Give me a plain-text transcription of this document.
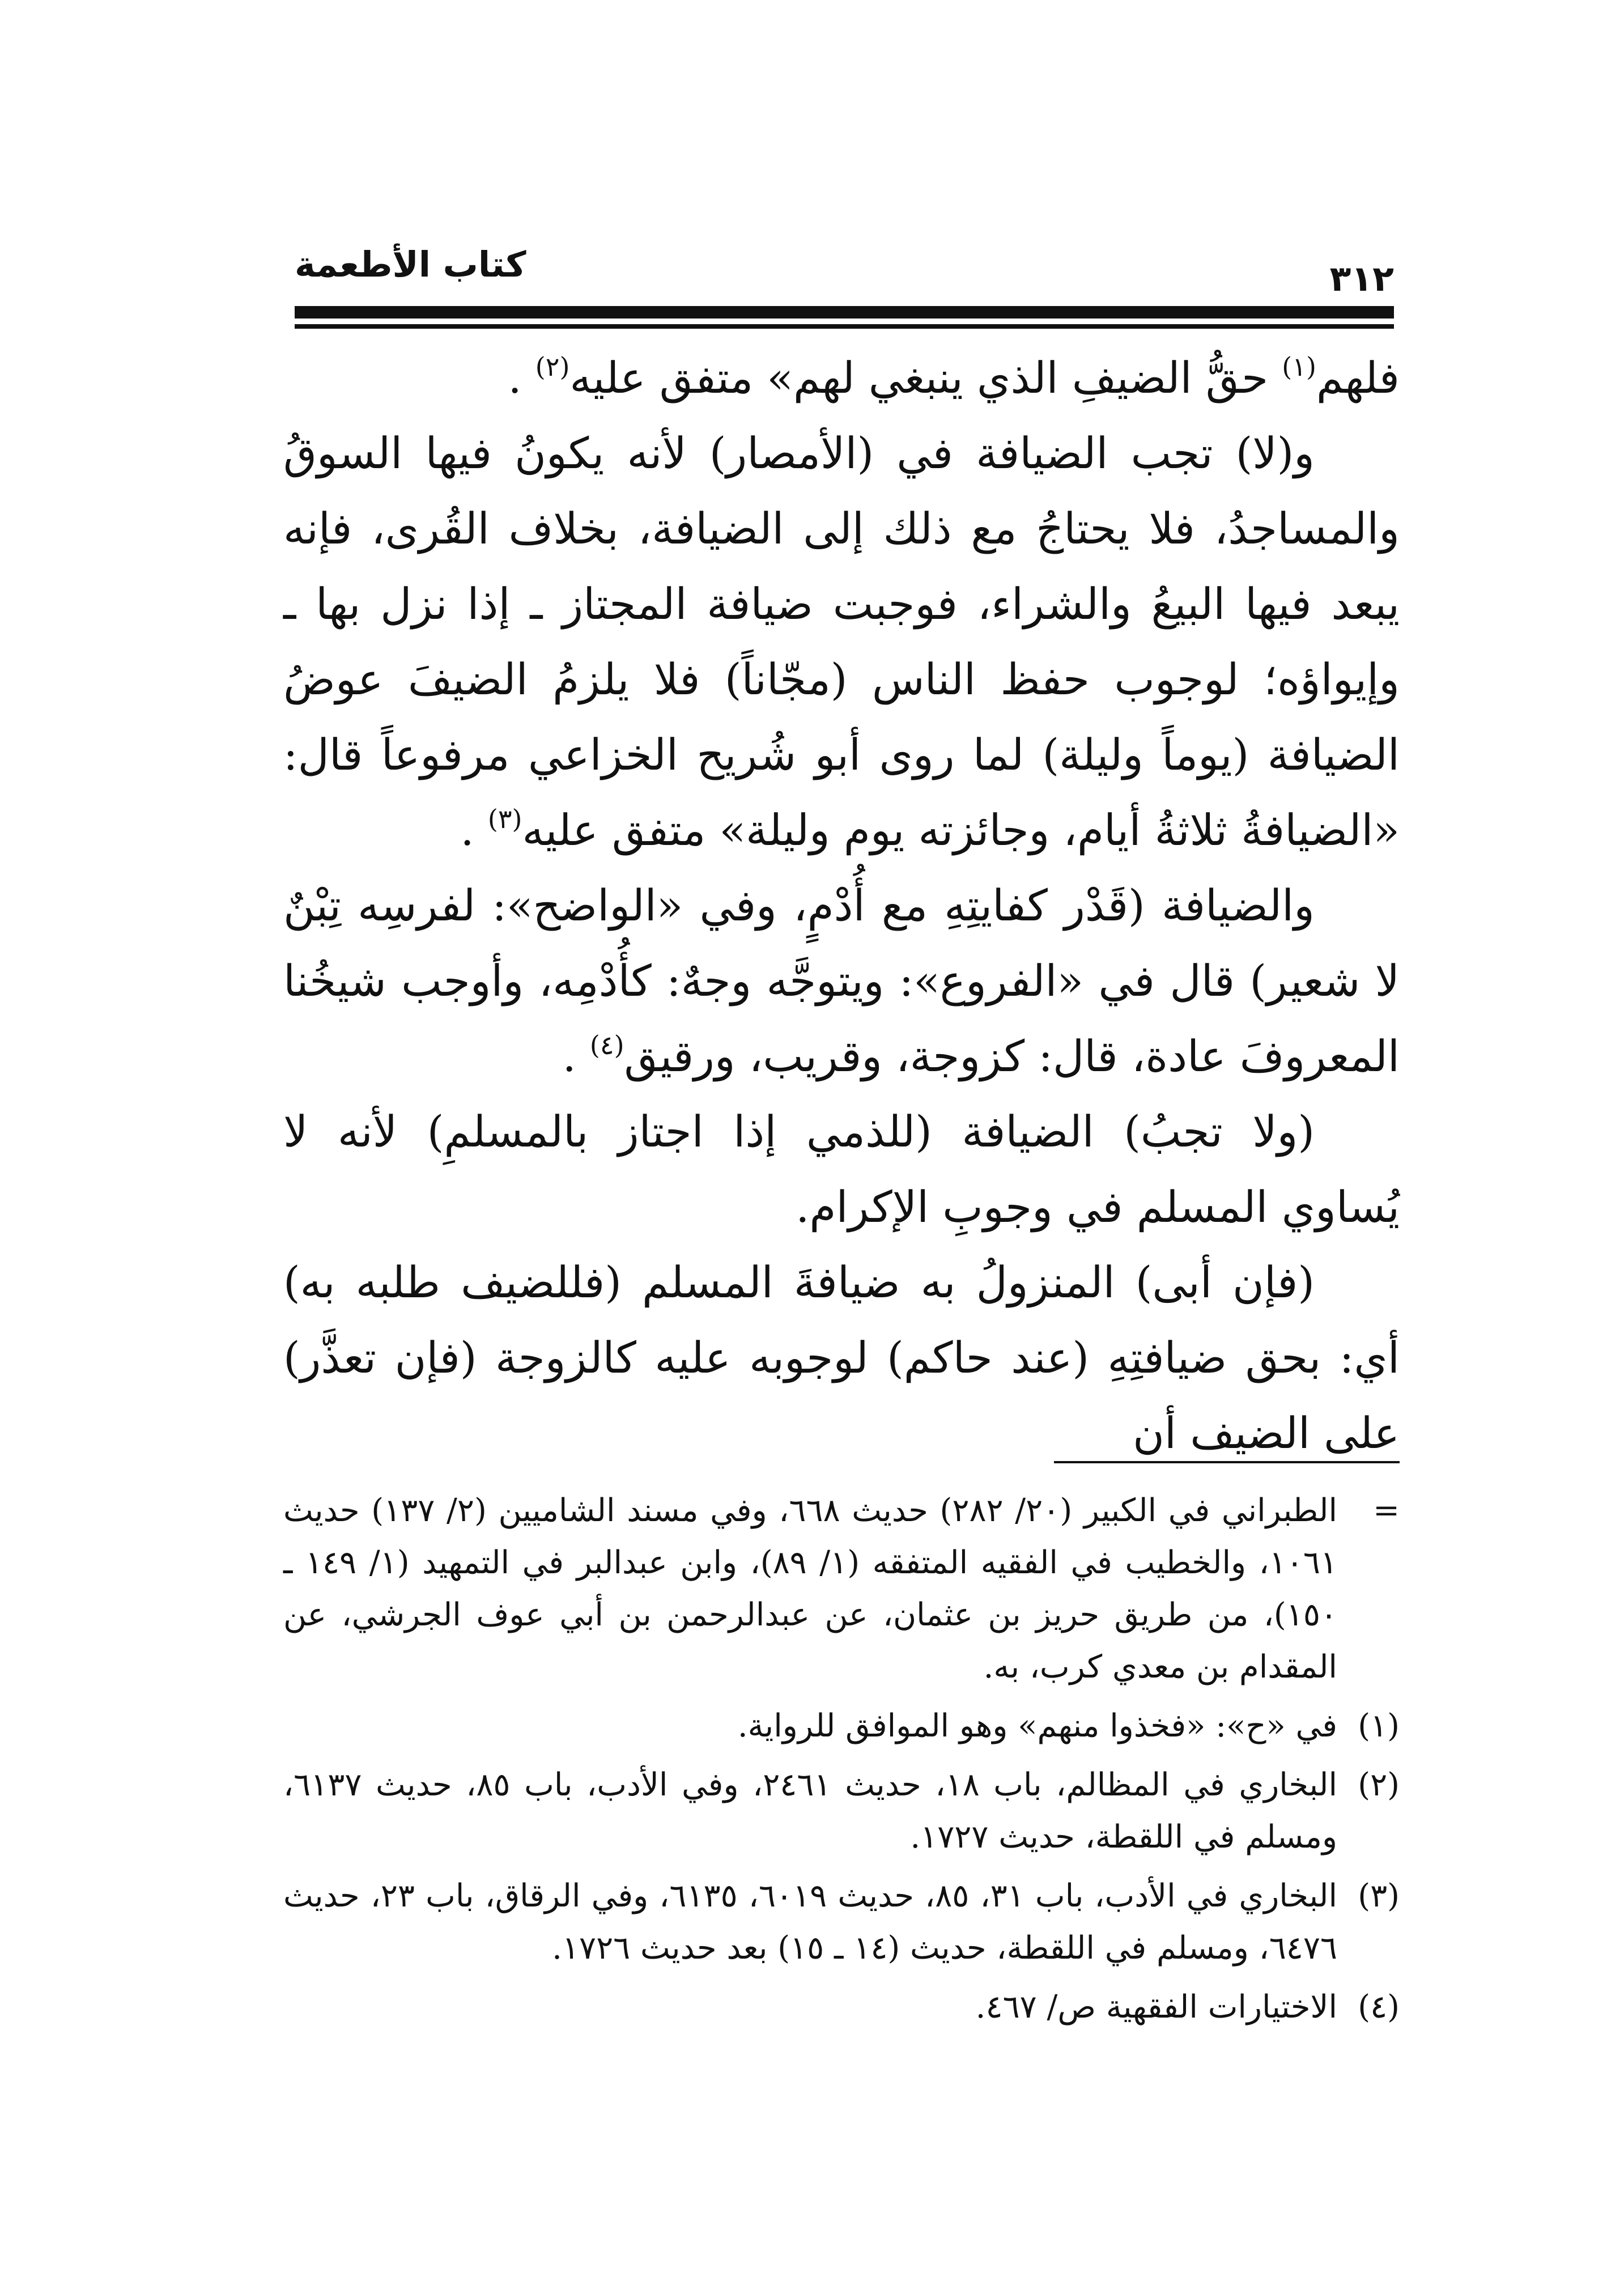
كتاب الأطعمة	٣١٢

فلهم$^{(١)}$ حقُّ الضيفِ الذي ينبغي لهم» متفق عليه$^{(٢)}$ .

و(لا) تجب الضيافة في (الأمصار) لأنه يكونُ فيها السوقُ والمساجدُ، فلا يحتاجُ مع ذلك إلى الضيافة، بخلاف القُرى، فإنه يبعد فيها البيعُ والشراء، فوجبت ضيافة المجتاز ـ إذا نزل بها ـ وإيواؤه؛ لوجوب حفظ الناس (مجّاناً) فلا يلزمُ الضيفَ عوضُ الضيافة (يوماً وليلة) لما روى أبو شُريح الخزاعي مرفوعاً قال: «الضيافةُ ثلاثةُ أيام، وجائزته يوم وليلة» متفق عليه$^{(٣)}$ .

والضيافة (قَدْر كفايتِهِ مع أُدْمٍ، وفي «الواضح»: لفرسِه تِبْنٌ لا شعير) قال في «الفروع»: ويتوجَّه وجهٌ: كأُدْمِه، وأوجب شيخُنا المعروفَ عادة، قال: كزوجة، وقريب، ورقيق$^{(٤)}$ .

(ولا تجبُ) الضيافة (للذمي إذا اجتاز بالمسلمِ) لأنه لا يُساوي المسلم في وجوبِ الإكرام.

(فإن أبى) المنزولُ به ضيافةَ المسلم (فللضيف طلبه به) أي: بحق ضيافتِهِ (عند حاكم) لوجوبه عليه كالزوجة (فإن تعذَّر) على الضيف أن

=
الطبراني في الكبير (٢٠/ ٢٨٢) حديث ٦٦٨، وفي مسند الشاميين (٢/ ١٣٧) حديث ١٠٦١، والخطيب في الفقيه المتفقه (١/ ٨٩)، وابن عبدالبر في التمهيد (١/ ١٤٩ ـ ١٥٠)، من طريق حريز بن عثمان، عن عبدالرحمن بن أبي عوف الجرشي، عن المقدام بن معدي كرب، به.
(١)
في «ح»: «فخذوا منهم» وهو الموافق للرواية.
(٢)
البخاري في المظالم، باب ١٨، حديث ٢٤٦١، وفي الأدب، باب ٨٥، حديث ٦١٣٧، ومسلم في اللقطة، حديث ١٧٢٧.
(٣)
البخاري في الأدب، باب ٣١، ٨٥، حديث ٦٠١٩، ٦١٣٥، وفي الرقاق، باب ٢٣، حديث ٦٤٧٦، ومسلم في اللقطة، حديث (١٤ ـ ١٥) بعد حديث ١٧٢٦.
(٤)
الاختيارات الفقهية ص/ ٤٦٧.
